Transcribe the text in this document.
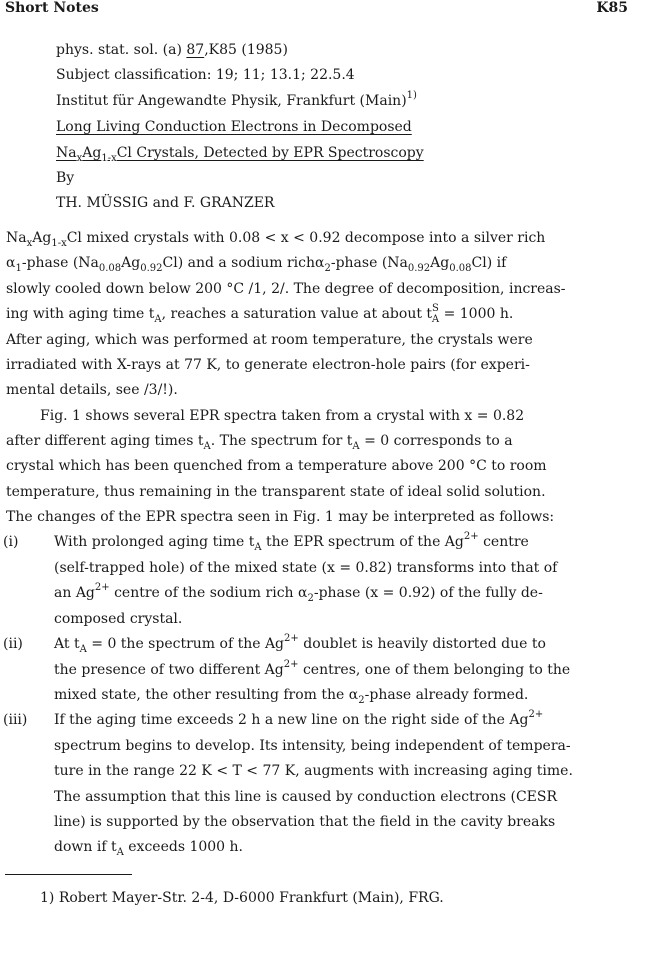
Short Notes	K85
phys. stat. sol. (a) 87,K85 (1985)
Subject classification: 19; 11; 13.1; 22.5.4
Institut für Angewandte Physik, Frankfurt (Main)$^{1)}$
Long Living Conduction Electrons in Decomposed
$Na_xAg_{1-x}Cl$ Crystals, Detected by EPR Spectroscopy
By
TH. MÜSSIG and F. GRANZER
$Na_xAg_{1-x}Cl$ mixed crystals with 0.08 < x < 0.92 decompose into a silver rich
$\alpha_1$-phase $(Na_{0.08}Ag_{0.92}Cl)$ and a sodium richα$_2$-phase $(Na_{0.92}Ag_{0.08}Cl)$ if
slowly cooled down below 200 °C /1, 2/. The degree of decomposition, increas-
ing with aging time $t_A$, reaches a saturation value at about $t^S_A = 1000$ h.
After aging, which was performed at room temperature, the crystals were
irradiated with X-rays at 77 K, to generate electron-hole pairs (for experi-
mental details, see /3/!).
Fig. 1 shows several EPR spectra taken from a crystal with x = 0.82
after different aging times $t_A$. The spectrum for $t_A = 0$ corresponds to a
crystal which has been quenched from a temperature above 200 °C to room
temperature, thus remaining in the transparent state of ideal solid solution.
The changes of the EPR spectra seen in Fig. 1 may be interpreted as follows:
(i)	With prolonged aging time $t_A$ the EPR spectrum of the $Ag^{2+}$ centre
(self-trapped hole) of the mixed state (x = 0.82) transforms into that of
an $Ag^{2+}$ centre of the sodium rich $\alpha_2$-phase (x = 0.92) of the fully de-
composed crystal.
(ii) At $t_A = 0$ the spectrum of the $Ag^{2+}$ doublet is heavily distorted due to
the presence of two different $Ag^{2+}$ centres, one of them belonging to the
mixed state, the other resulting from the $\alpha_2$-phase already formed.
(iii) If the aging time exceeds 2 h a new line on the right side of the $Ag^{2+}$
spectrum begins to develop. Its intensity, being independent of tempera-
ture in the range 22 K < T < 77 K, augments with increasing aging time.
The assumption that this line is caused by conduction electrons (CESR
line) is supported by the observation that the field in the cavity breaks
down if $t_A$ exceeds 1000 h.
1) Robert Mayer-Str. 2-4, D-6000 Frankfurt (Main), FRG.
